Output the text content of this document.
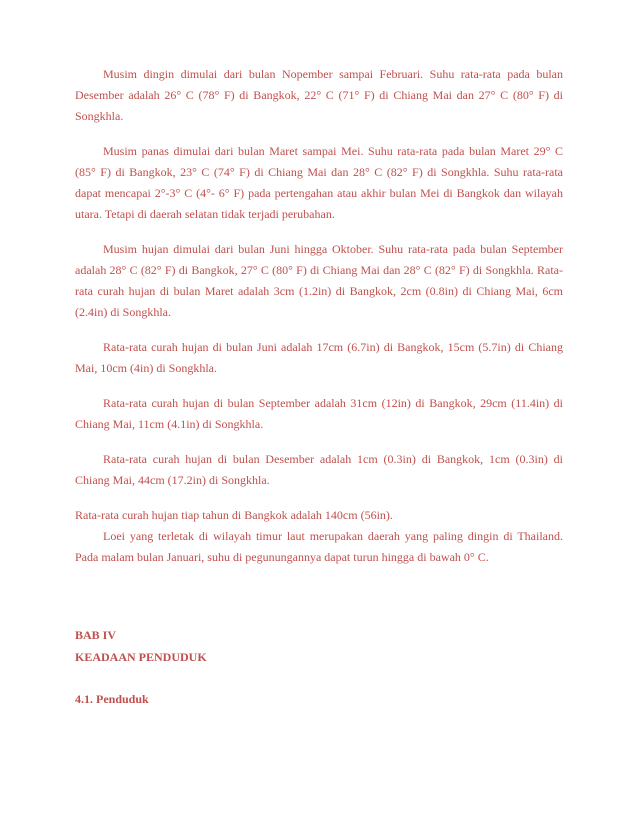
Musim dingin dimulai dari bulan Nopember sampai Februari. Suhu rata-rata pada bulan Desember adalah 26° C (78° F) di Bangkok, 22° C (71° F) di Chiang Mai dan 27° C (80° F) di Songkhla.

Musim panas dimulai dari bulan Maret sampai Mei. Suhu rata-rata pada bulan Maret 29° C (85° F) di Bangkok, 23° C (74° F) di Chiang Mai dan 28° C (82° F) di Songkhla. Suhu rata-rata dapat mencapai 2°-3° C (4°- 6° F) pada pertengahan atau akhir bulan Mei di Bangkok dan wilayah utara. Tetapi di daerah selatan tidak terjadi perubahan.

Musim hujan dimulai dari bulan Juni hingga Oktober. Suhu rata-rata pada bulan September adalah 28° C (82° F) di Bangkok, 27° C (80° F) di Chiang Mai dan 28° C (82° F) di Songkhla. Rata-rata curah hujan di bulan Maret adalah 3cm (1.2in) di Bangkok, 2cm (0.8in) di Chiang Mai, 6cm (2.4in) di Songkhla.

Rata-rata curah hujan di bulan Juni adalah 17cm (6.7in) di Bangkok, 15cm (5.7in) di Chiang Mai, 10cm (4in) di Songkhla.

Rata-rata curah hujan di bulan September adalah 31cm (12in) di Bangkok, 29cm (11.4in) di Chiang Mai, 11cm (4.1in) di Songkhla.

Rata-rata curah hujan di bulan Desember adalah 1cm (0.3in) di Bangkok, 1cm (0.3in) di Chiang Mai, 44cm (17.2in) di Songkhla.

Rata-rata curah hujan tiap tahun di Bangkok adalah 140cm (56in).

Loei yang terletak di wilayah timur laut merupakan daerah yang paling dingin di Thailand. Pada malam bulan Januari, suhu di pegunungannya dapat turun hingga di bawah 0° C.

BAB IV

KEADAAN PENDUDUK

4.1. Penduduk
